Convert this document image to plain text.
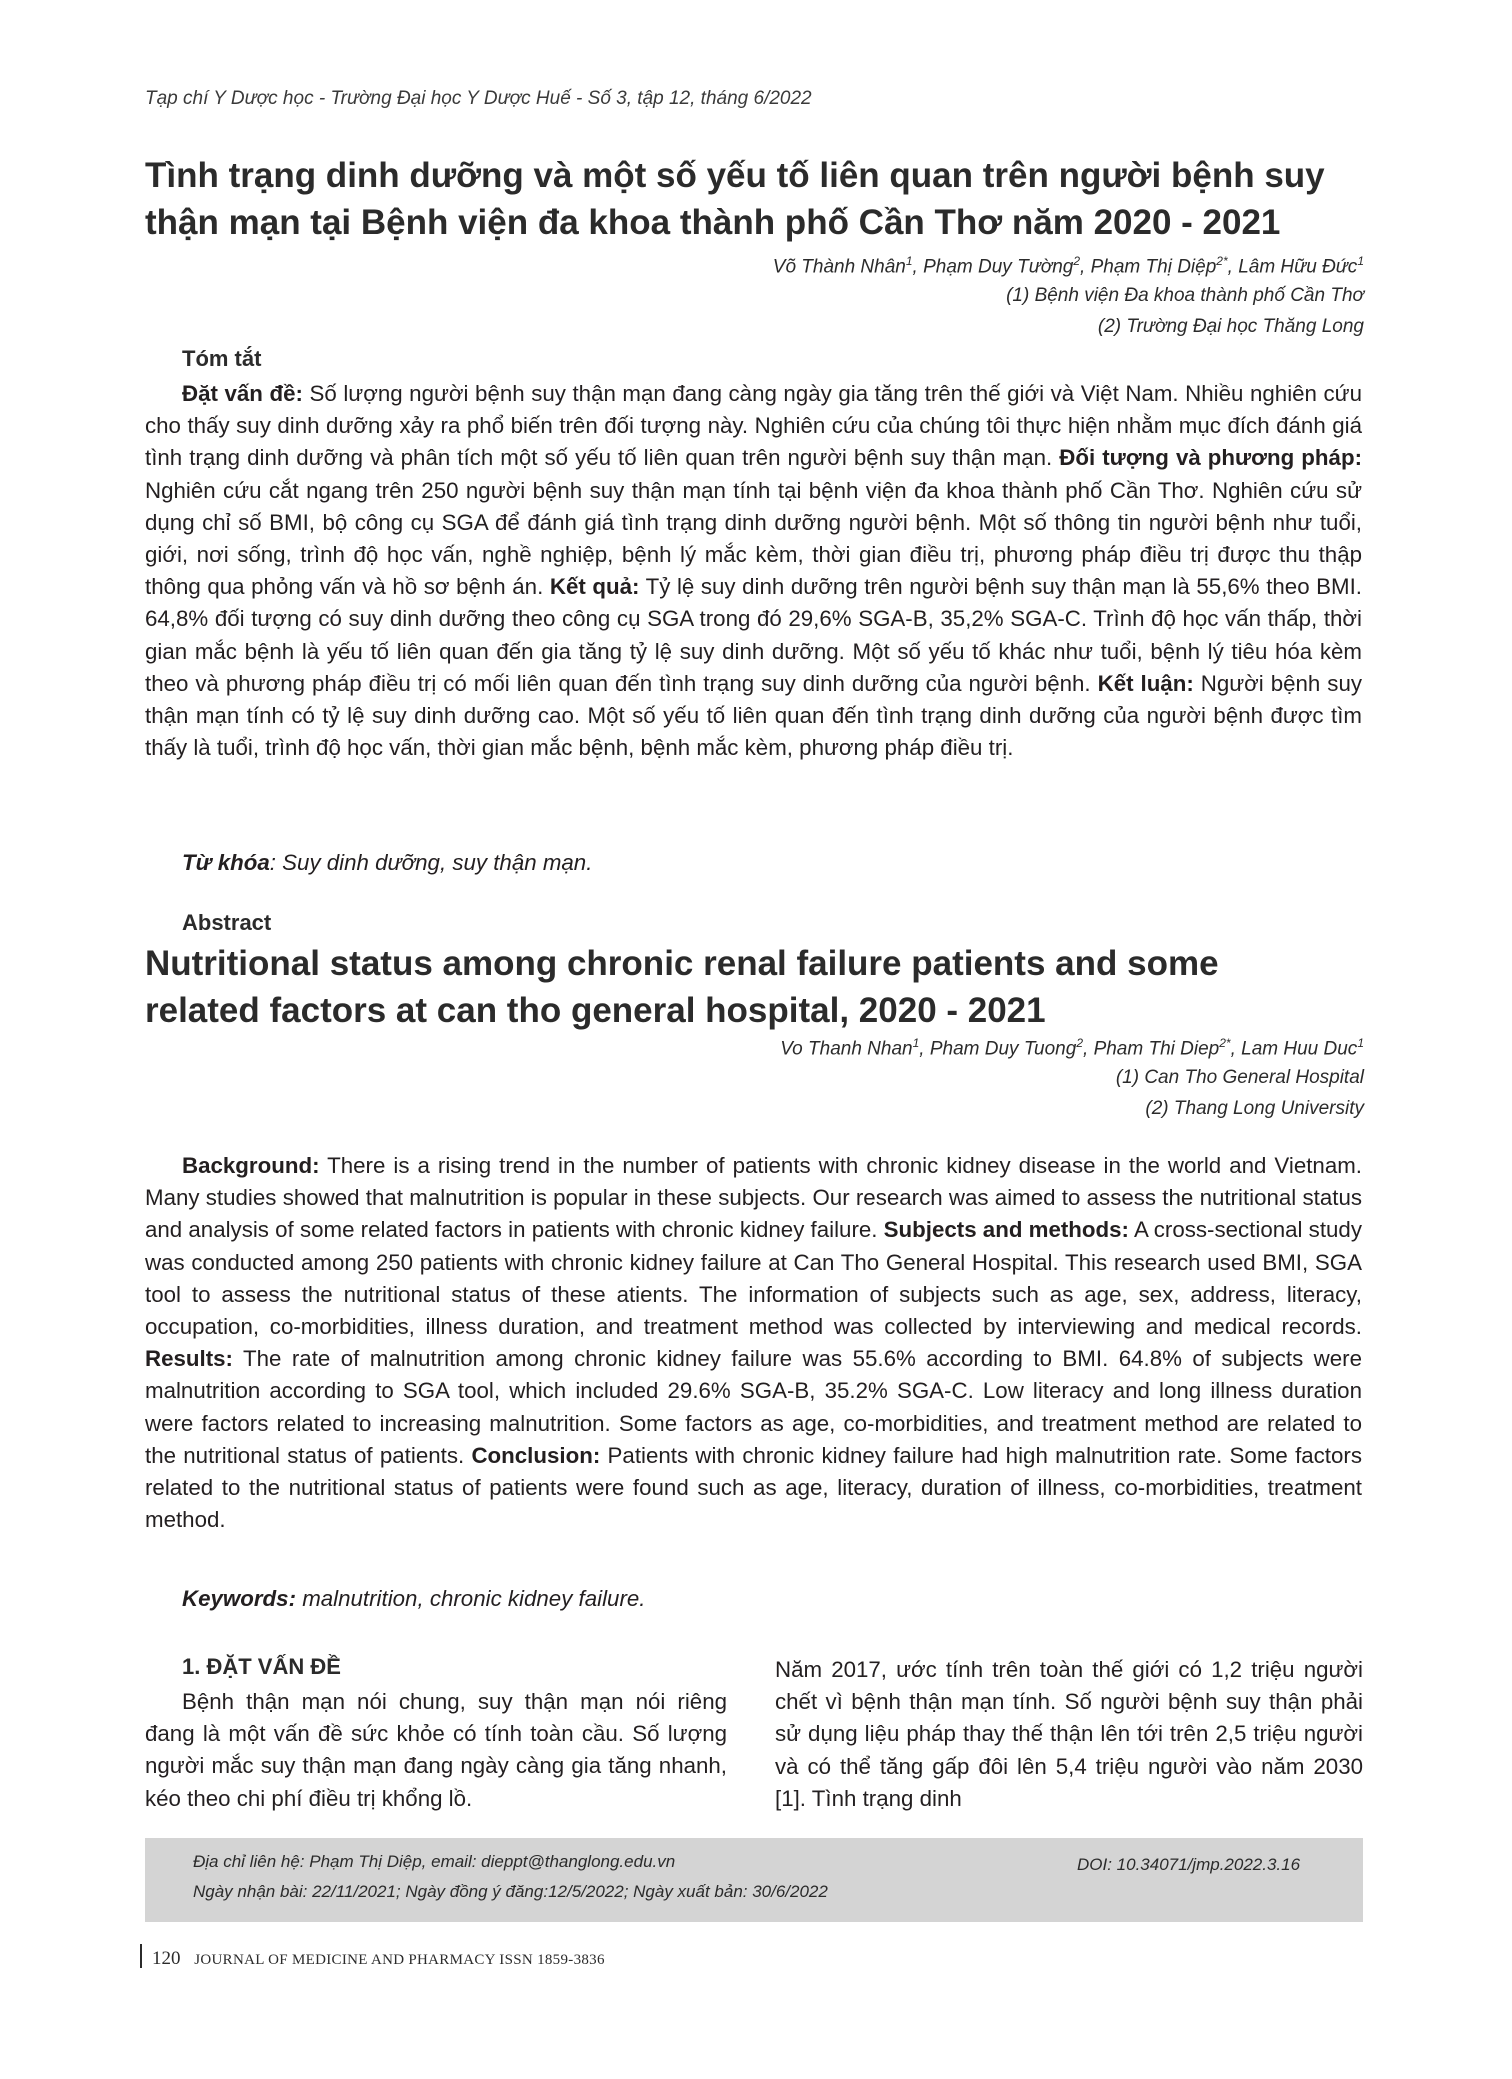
Tạp chí Y Dược học - Trường Đại học Y Dược Huế - Số 3, tập 12, tháng 6/2022
Tình trạng dinh dưỡng và một số yếu tố liên quan trên người bệnh suy
thận mạn tại Bệnh viện đa khoa thành phố Cần Thơ năm 2020 - 2021
Võ Thành Nhân$^1$, Phạm Duy Tường$^2$, Phạm Thị Diệp$^{2*}$, Lâm Hữu Đức$^1$
(1) Bệnh viện Đa khoa thành phố Cần Thơ
(2) Trường Đại học Thăng Long
Tóm tắt
Đặt vấn đề: Số lượng người bệnh suy thận mạn đang càng ngày gia tăng trên thế giới và Việt Nam. Nhiều nghiên cứu cho thấy suy dinh dưỡng xảy ra phổ biến trên đối tượng này. Nghiên cứu của chúng tôi thực hiện nhằm mục đích đánh giá tình trạng dinh dưỡng và phân tích một số yếu tố liên quan trên người bệnh suy thận mạn. Đối tượng và phương pháp: Nghiên cứu cắt ngang trên 250 người bệnh suy thận mạn tính tại bệnh viện đa khoa thành phố Cần Thơ. Nghiên cứu sử dụng chỉ số BMI, bộ công cụ SGA để đánh giá tình trạng dinh dưỡng người bệnh. Một số thông tin người bệnh như tuổi, giới, nơi sống, trình độ học vấn, nghề nghiệp, bệnh lý mắc kèm, thời gian điều trị, phương pháp điều trị được thu thập thông qua phỏng vấn và hồ sơ bệnh án. Kết quả: Tỷ lệ suy dinh dưỡng trên người bệnh suy thận mạn là 55,6% theo BMI. 64,8% đối tượng có suy dinh dưỡng theo công cụ SGA trong đó 29,6% SGA-B, 35,2% SGA-C. Trình độ học vấn thấp, thời gian mắc bệnh là yếu tố liên quan đến gia tăng tỷ lệ suy dinh dưỡng. Một số yếu tố khác như tuổi, bệnh lý tiêu hóa kèm theo và phương pháp điều trị có mối liên quan đến tình trạng suy dinh dưỡng của người bệnh. Kết luận: Người bệnh suy thận mạn tính có tỷ lệ suy dinh dưỡng cao. Một số yếu tố liên quan đến tình trạng dinh dưỡng của người bệnh được tìm thấy là tuổi, trình độ học vấn, thời gian mắc bệnh, bệnh mắc kèm, phương pháp điều trị.
Từ khóa: Suy dinh dưỡng, suy thận mạn.
Abstract
Nutritional status among chronic renal failure patients and some
related factors at can tho general hospital, 2020 - 2021
Vo Thanh Nhan$^1$, Pham Duy Tuong$^2$, Pham Thi Diep$^{2*}$, Lam Huu Duc$^1$
(1) Can Tho General Hospital
(2) Thang Long University
Background: There is a rising trend in the number of patients with chronic kidney disease in the world and Vietnam. Many studies showed that malnutrition is popular in these subjects. Our research was aimed to assess the nutritional status and analysis of some related factors in patients with chronic kidney failure. Subjects and methods: A cross-sectional study was conducted among 250 patients with chronic kidney failure at Can Tho General Hospital. This research used BMI, SGA tool to assess the nutritional status of these atients. The information of subjects such as age, sex, address, literacy, occupation, co-morbidities, illness duration, and treatment method was collected by interviewing and medical records. Results: The rate of malnutrition among chronic kidney failure was 55.6% according to BMI. 64.8% of subjects were malnutrition according to SGA tool, which included 29.6% SGA-B, 35.2% SGA-C. Low literacy and long illness duration were factors related to increasing malnutrition. Some factors as age, co-morbidities, and treatment method are related to the nutritional status of patients. Conclusion: Patients with chronic kidney failure had high malnutrition rate. Some factors related to the nutritional status of patients were found such as age, literacy, duration of illness, co-morbidities, treatment method.
Keywords: malnutrition, chronic kidney failure.
1. ĐẶT VẤN ĐỀ
Bệnh thận mạn nói chung, suy thận mạn nói riêng đang là một vấn đề sức khỏe có tính toàn cầu. Số lượng người mắc suy thận mạn đang ngày càng gia tăng nhanh, kéo theo chi phí điều trị khổng lồ.
Năm 2017, ước tính trên toàn thế giới có 1,2 triệu người chết vì bệnh thận mạn tính. Số người bệnh suy thận phải sử dụng liệu pháp thay thế thận lên tới trên 2,5 triệu người và có thể tăng gấp đôi lên 5,4 triệu người vào năm 2030 [1]. Tình trạng dinh
Địa chỉ liên hệ: Phạm Thị Diệp, email: dieppt@thanglong.edu.vn	DOI: 10.34071/jmp.2022.3.16
Ngày nhận bài: 22/11/2021; Ngày đồng ý đăng:12/5/2022; Ngày xuất bản: 30/6/2022
120 JOURNAL OF MEDICINE AND PHARMACY ISSN 1859-3836
